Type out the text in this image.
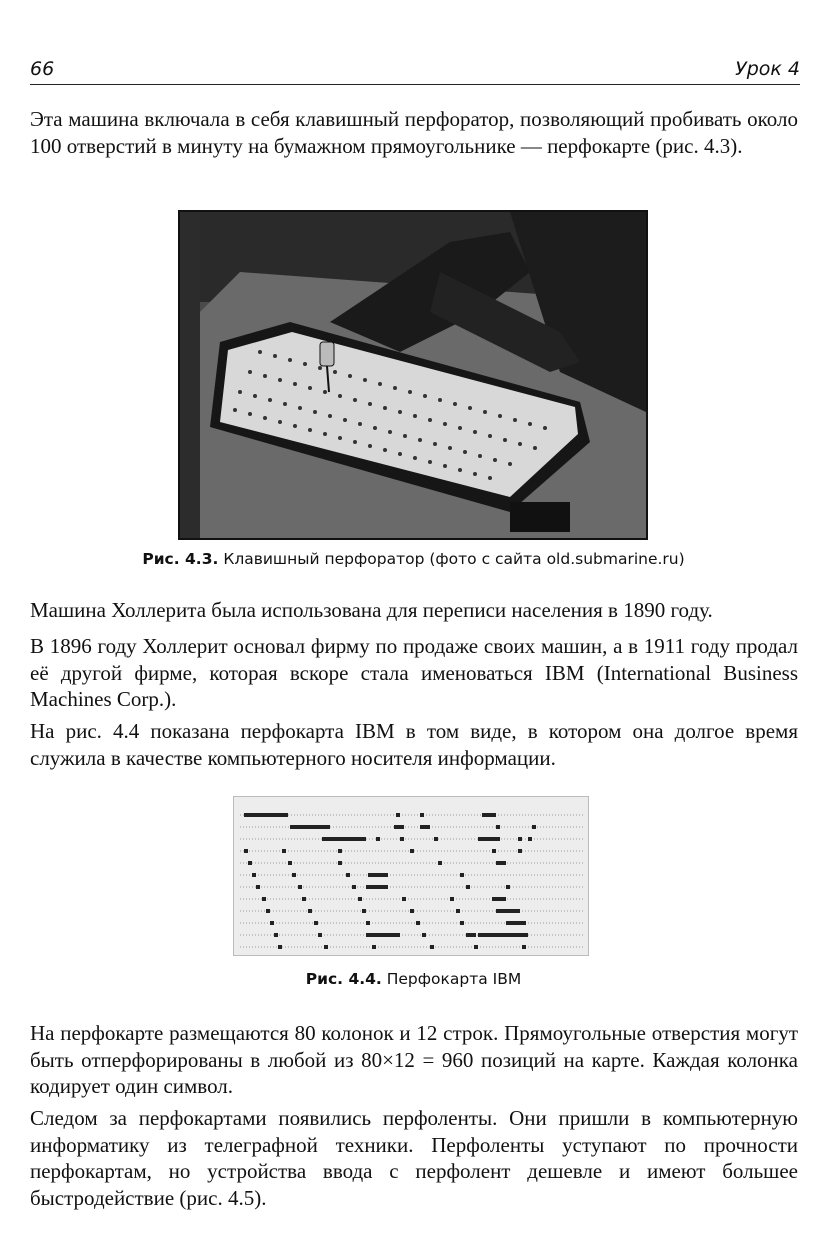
66	Урок 4

Эта машина включала в себя клавишный перфоратор, позволяющий пробивать около 100 отверстий в минуту на бумажном прямоугольнике — перфокарте (рис. 4.3).

Рис. 4.3. Клавишный перфоратор (фото с сайта old.submarine.ru)

Машина Холлерита была использована для переписи населения в 1890 году.

В 1896 году Холлерит основал фирму по продаже своих машин, а в 1911 году продал её другой фирме, которая вскоре стала именоваться IBM (International Business Machines Corp.).

На рис. 4.4 показана перфокарта IBM в том виде, в котором она долгое время служила в качестве компьютерного носителя информации.

Рис. 4.4. Перфокарта IBM

На перфокарте размещаются 80 колонок и 12 строк. Прямоугольные отверстия могут быть отперфорированы в любой из 80×12 = 960 позиций на карте. Каждая колонка кодирует один символ.

Следом за перфокартами появились перфоленты. Они пришли в компьютерную информатику из телеграфной техники. Перфоленты уступают по прочности перфокартам, но устройства ввода с перфолент дешевле и имеют большее быстродействие (рис. 4.5).
